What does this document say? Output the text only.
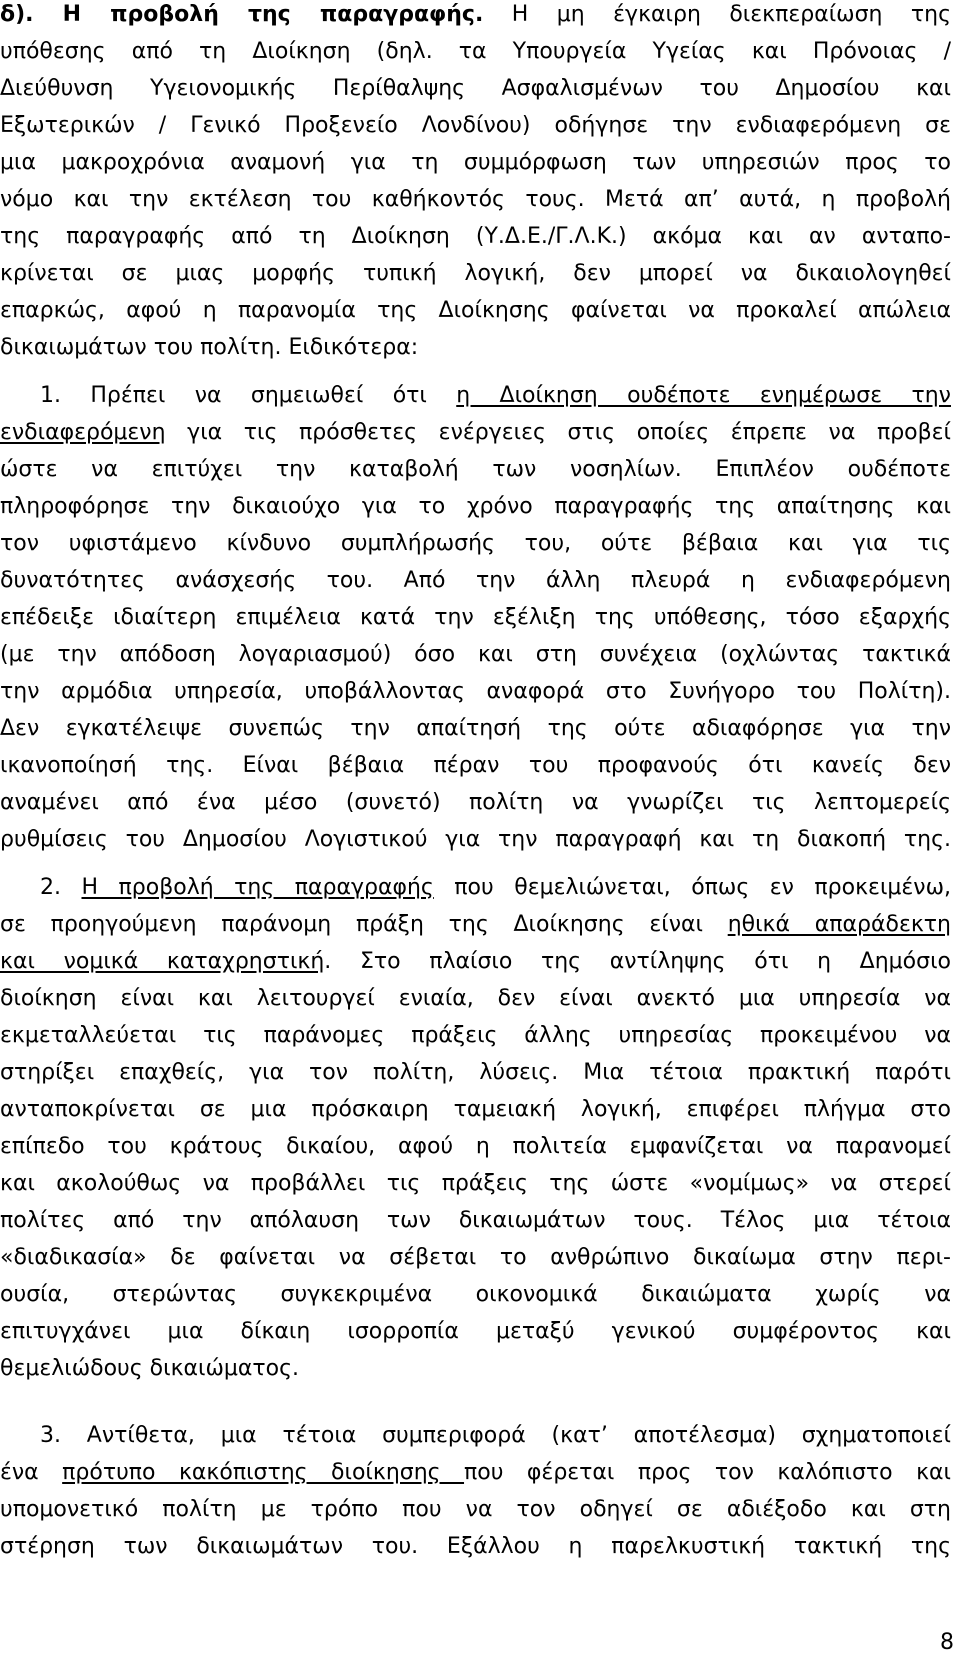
δ). Η προβολή της παραγραφής. Η μη έγκαιρη διεκπεραίωση της
υπόθεσης από τη Διοίκηση (δηλ. τα Υπουργεία Υγείας και Πρόνοιας /
Διεύθυνση Υγειονομικής Περίθαλψης Ασφαλισμένων του Δημοσίου και
Εξωτερικών / Γενικό Προξενείο Λονδίνου) οδήγησε την ενδιαφερόμενη σε
μια μακροχρόνια αναμονή για τη συμμόρφωση των υπηρεσιών προς το
νόμο και την εκτέλεση του καθήκοντός τους. Μετά απ’ αυτά, η προβολή
της παραγραφής από τη Διοίκηση (Υ.Δ.Ε./Γ.Λ.Κ.) ακόμα και αν ανταπο-
κρίνεται σε μιας μορφής τυπική λογική, δεν μπορεί να δικαιολογηθεί
επαρκώς, αφού η παρανομία της Διοίκησης φαίνεται να προκαλεί απώλεια
δικαιωμάτων του πολίτη. Ειδικότερα:
1. Πρέπει να σημειωθεί ότι η Διοίκηση ουδέποτε ενημέρωσε την
ενδιαφερόμενη για τις πρόσθετες ενέργειες στις οποίες έπρεπε να προβεί
ώστε να επιτύχει την καταβολή των νοσηλίων. Επιπλέον ουδέποτε
πληροφόρησε την δικαιούχο για το χρόνο παραγραφής της απαίτησης και
τον υφιστάμενο κίνδυνο συμπλήρωσής του, ούτε βέβαια και για τις
δυνατότητες ανάσχεσής του. Από την άλλη πλευρά η ενδιαφερόμενη
επέδειξε ιδιαίτερη επιμέλεια κατά την εξέλιξη της υπόθεσης, τόσο εξαρχής
(με την απόδοση λογαριασμού) όσο και στη συνέχεια (οχλώντας τακτικά
την αρμόδια υπηρεσία, υποβάλλοντας αναφορά στο Συνήγορο του Πολίτη).
Δεν εγκατέλειψε συνεπώς την απαίτησή της ούτε αδιαφόρησε για την
ικανοποίησή της. Είναι βέβαια πέραν του προφανούς ότι κανείς δεν
αναμένει από ένα μέσο (συνετό) πολίτη να γνωρίζει τις λεπτομερείς
ρυθμίσεις του Δημοσίου Λογιστικού για την παραγραφή και τη διακοπή της.
2. Η προβολή της παραγραφής που θεμελιώνεται, όπως εν προκειμένω,
σε προηγούμενη παράνομη πράξη της Διοίκησης είναι ηθικά απαράδεκτη
και νομικά καταχρηστική. Στο πλαίσιο της αντίληψης ότι η Δημόσιο
διοίκηση είναι και λειτουργεί ενιαία, δεν είναι ανεκτό μια υπηρεσία να
εκμεταλλεύεται τις παράνομες πράξεις άλλης υπηρεσίας προκειμένου να
στηρίξει επαχθείς, για τον πολίτη, λύσεις. Μια τέτοια πρακτική παρότι
ανταποκρίνεται σε μια πρόσκαιρη ταμειακή λογική, επιφέρει πλήγμα στο
επίπεδο του κράτους δικαίου, αφού η πολιτεία εμφανίζεται να παρανομεί
και ακολούθως να προβάλλει τις πράξεις της ώστε «νομίμως» να στερεί
πολίτες από την απόλαυση των δικαιωμάτων τους. Τέλος μια τέτοια
«διαδικασία» δε φαίνεται να σέβεται το ανθρώπινο δικαίωμα στην περι-
ουσία, στερώντας συγκεκριμένα οικονομικά δικαιώματα χωρίς να
επιτυγχάνει μια δίκαιη ισορροπία μεταξύ γενικού συμφέροντος και
θεμελιώδους δικαιώματος.
3. Αντίθετα, μια τέτοια συμπεριφορά (κατ’ αποτέλεσμα) σχηματοποιεί
ένα πρότυπο κακόπιστης διοίκησης που φέρεται προς τον καλόπιστο και
υπομονετικό πολίτη με τρόπο που να τον οδηγεί σε αδιέξοδο και στη
στέρηση των δικαιωμάτων του. Εξάλλου η παρελκυστική τακτική της
8
